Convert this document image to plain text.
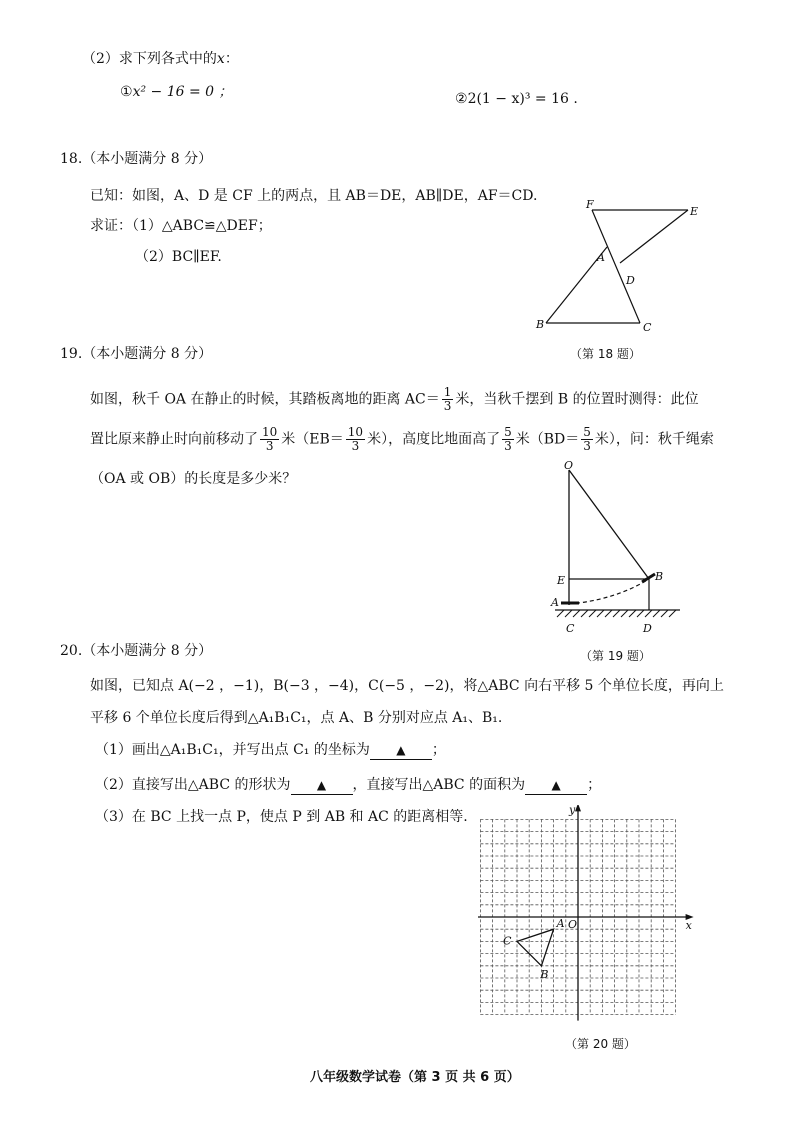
（2）求下列各式中的x：
①x² − 16 = 0 ；	②2(1 − x)³ = 16 .
18.（本小题满分 8 分）
已知：如图，A、D 是 CF 上的两点，且 AB＝DE，AB∥DE，AF＝CD.
求证：（1）△ABC≌△DEF；
（2）BC∥EF.
F
E
A
D
B	C
（第 18 题）
19.（本小题满分 8 分）
如图，秋千 OA 在静止的时候，其踏板离地的距离 $AC= \frac{1}{3}$ 米，当秋千摆到 B 的位置时测得：此位
置比原来静止时向前移动了 $\frac{10}{3}$ 米（$EB= \frac{10}{3}$ 米），高度比地面高了 $\frac{5}{3}$ 米（$BD= \frac{5}{3}$ 米），问：秋千绳索
（OA 或 OB）的长度是多少米？
O
E	B
A
C	D
（第 19 题）
20.（本小题满分 8 分）
如图，已知点 A(−2 ，−1)，B(−3 ，−4)，C(−5 ，−2)，将△ABC 向右平移 5 个单位长度，再向上
平移 6 个单位长度后得到△A₁B₁C₁，点 A、B 分别对应点 A₁、B₁.
（1）画出△A₁B₁C₁，并写出点 C₁ 的坐标为 ▲ ；
（2）直接写出△ABC 的形状为 ▲ ，直接写出△ABC 的面积为 ▲ ；
（3）在 BC 上找一点 P，使点 P 到 AB 和 AC 的距离相等.
x
y
O
A
B
C
（第 20 题）
八年级数学试卷（第 3 页 共 6 页）
